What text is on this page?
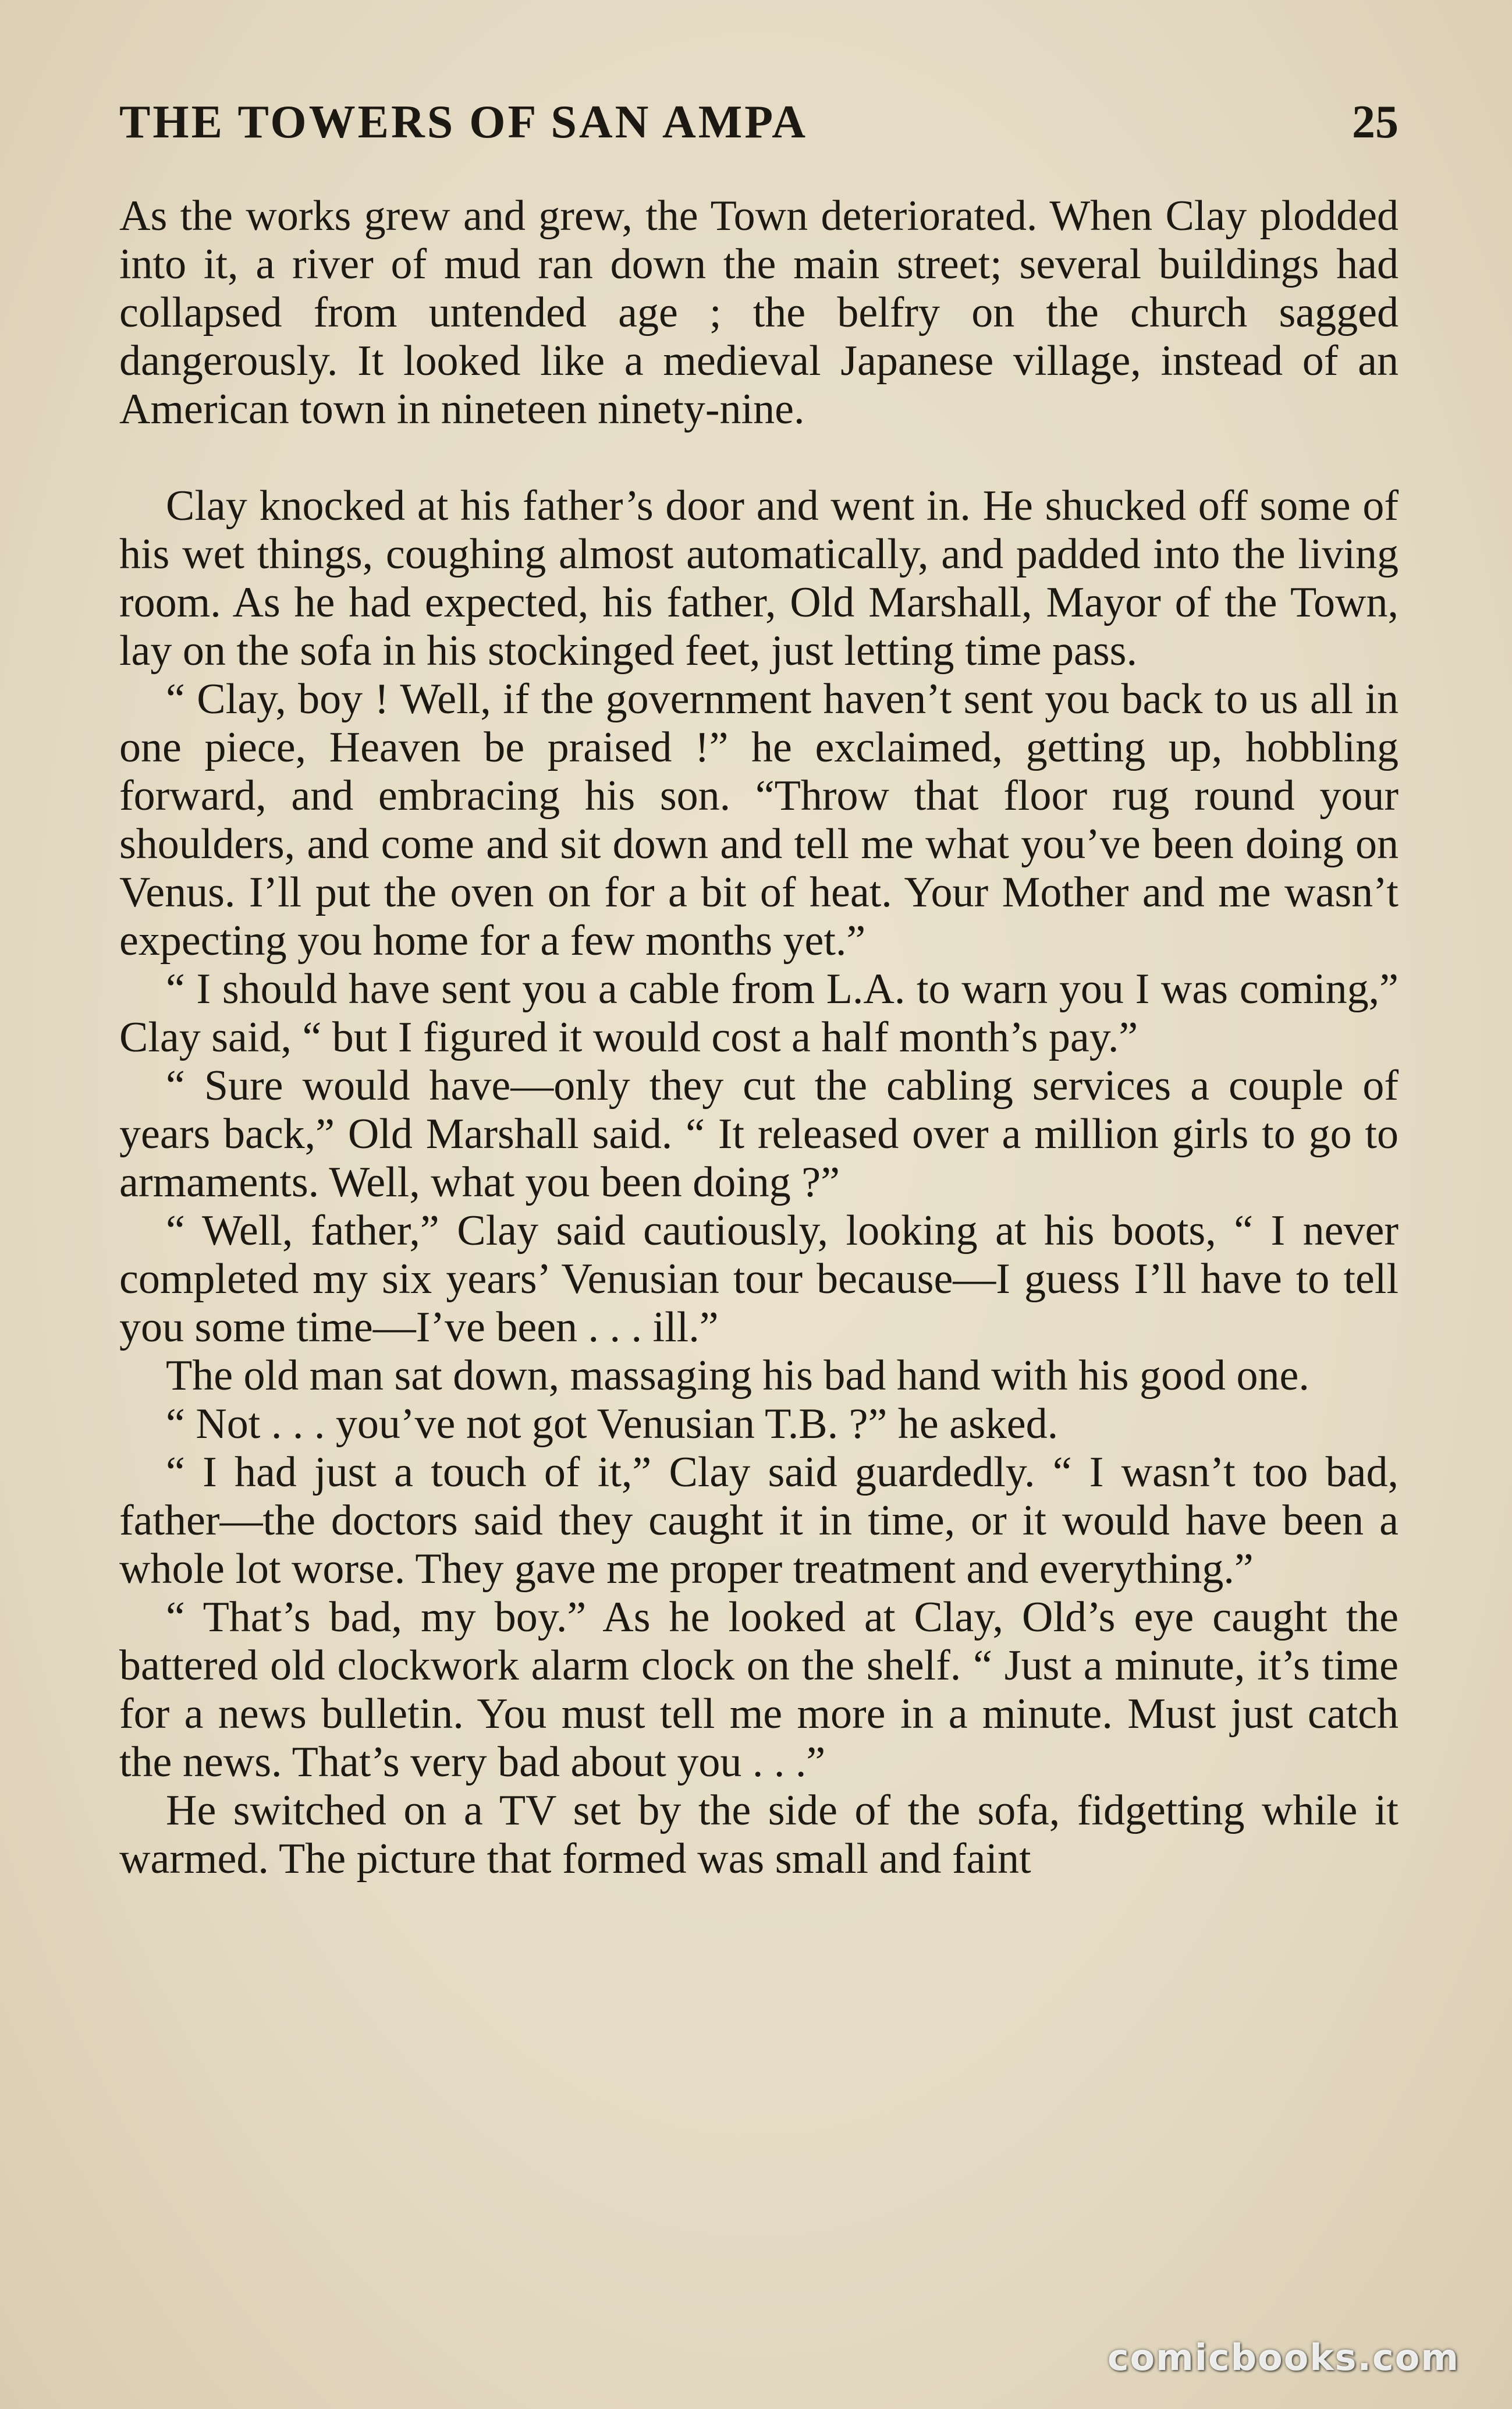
THE TOWERS OF SAN AMPA	25

As the works grew and grew, the Town deteriorated. When Clay plodded into it, a river of mud ran down the main street; several buildings had collapsed from untended age ; the belfry on the church sagged dangerously. It looked like a medieval Japanese village, instead of an American town in nineteen ninety-nine.

Clay knocked at his father’s door and went in. He shucked off some of his wet things, coughing almost automatically, and padded into the living room. As he had expected, his father, Old Marshall, Mayor of the Town, lay on the sofa in his stockinged feet, just letting time pass.

“ Clay, boy ! Well, if the government haven’t sent you back to us all in one piece, Heaven be praised !” he exclaimed, getting up, hobbling forward, and embracing his son. “Throw that floor rug round your shoulders, and come and sit down and tell me what you’ve been doing on Venus. I’ll put the oven on for a bit of heat. Your Mother and me wasn’t expecting you home for a few months yet.”

“ I should have sent you a cable from L.A. to warn you I was coming,” Clay said, “ but I figured it would cost a half month’s pay.”

“ Sure would have—only they cut the cabling services a couple of years back,” Old Marshall said. “ It released over a million girls to go to armaments. Well, what you been doing ?”

“ Well, father,” Clay said cautiously, looking at his boots, “ I never completed my six years’ Venusian tour because—I guess I’ll have to tell you some time—I’ve been . . . ill.”

The old man sat down, massaging his bad hand with his good one.

“ Not . . . you’ve not got Venusian T.B. ?” he asked.

“ I had just a touch of it,” Clay said guardedly. “ I wasn’t too bad, father—the doctors said they caught it in time, or it would have been a whole lot worse. They gave me proper treatment and everything.”

“ That’s bad, my boy.” As he looked at Clay, Old’s eye caught the battered old clockwork alarm clock on the shelf. “ Just a minute, it’s time for a news bulletin. You must tell me more in a minute. Must just catch the news. That’s very bad about you . . .”

He switched on a TV set by the side of the sofa, fidgetting while it warmed. The picture that formed was small and faint

comicbooks.com
